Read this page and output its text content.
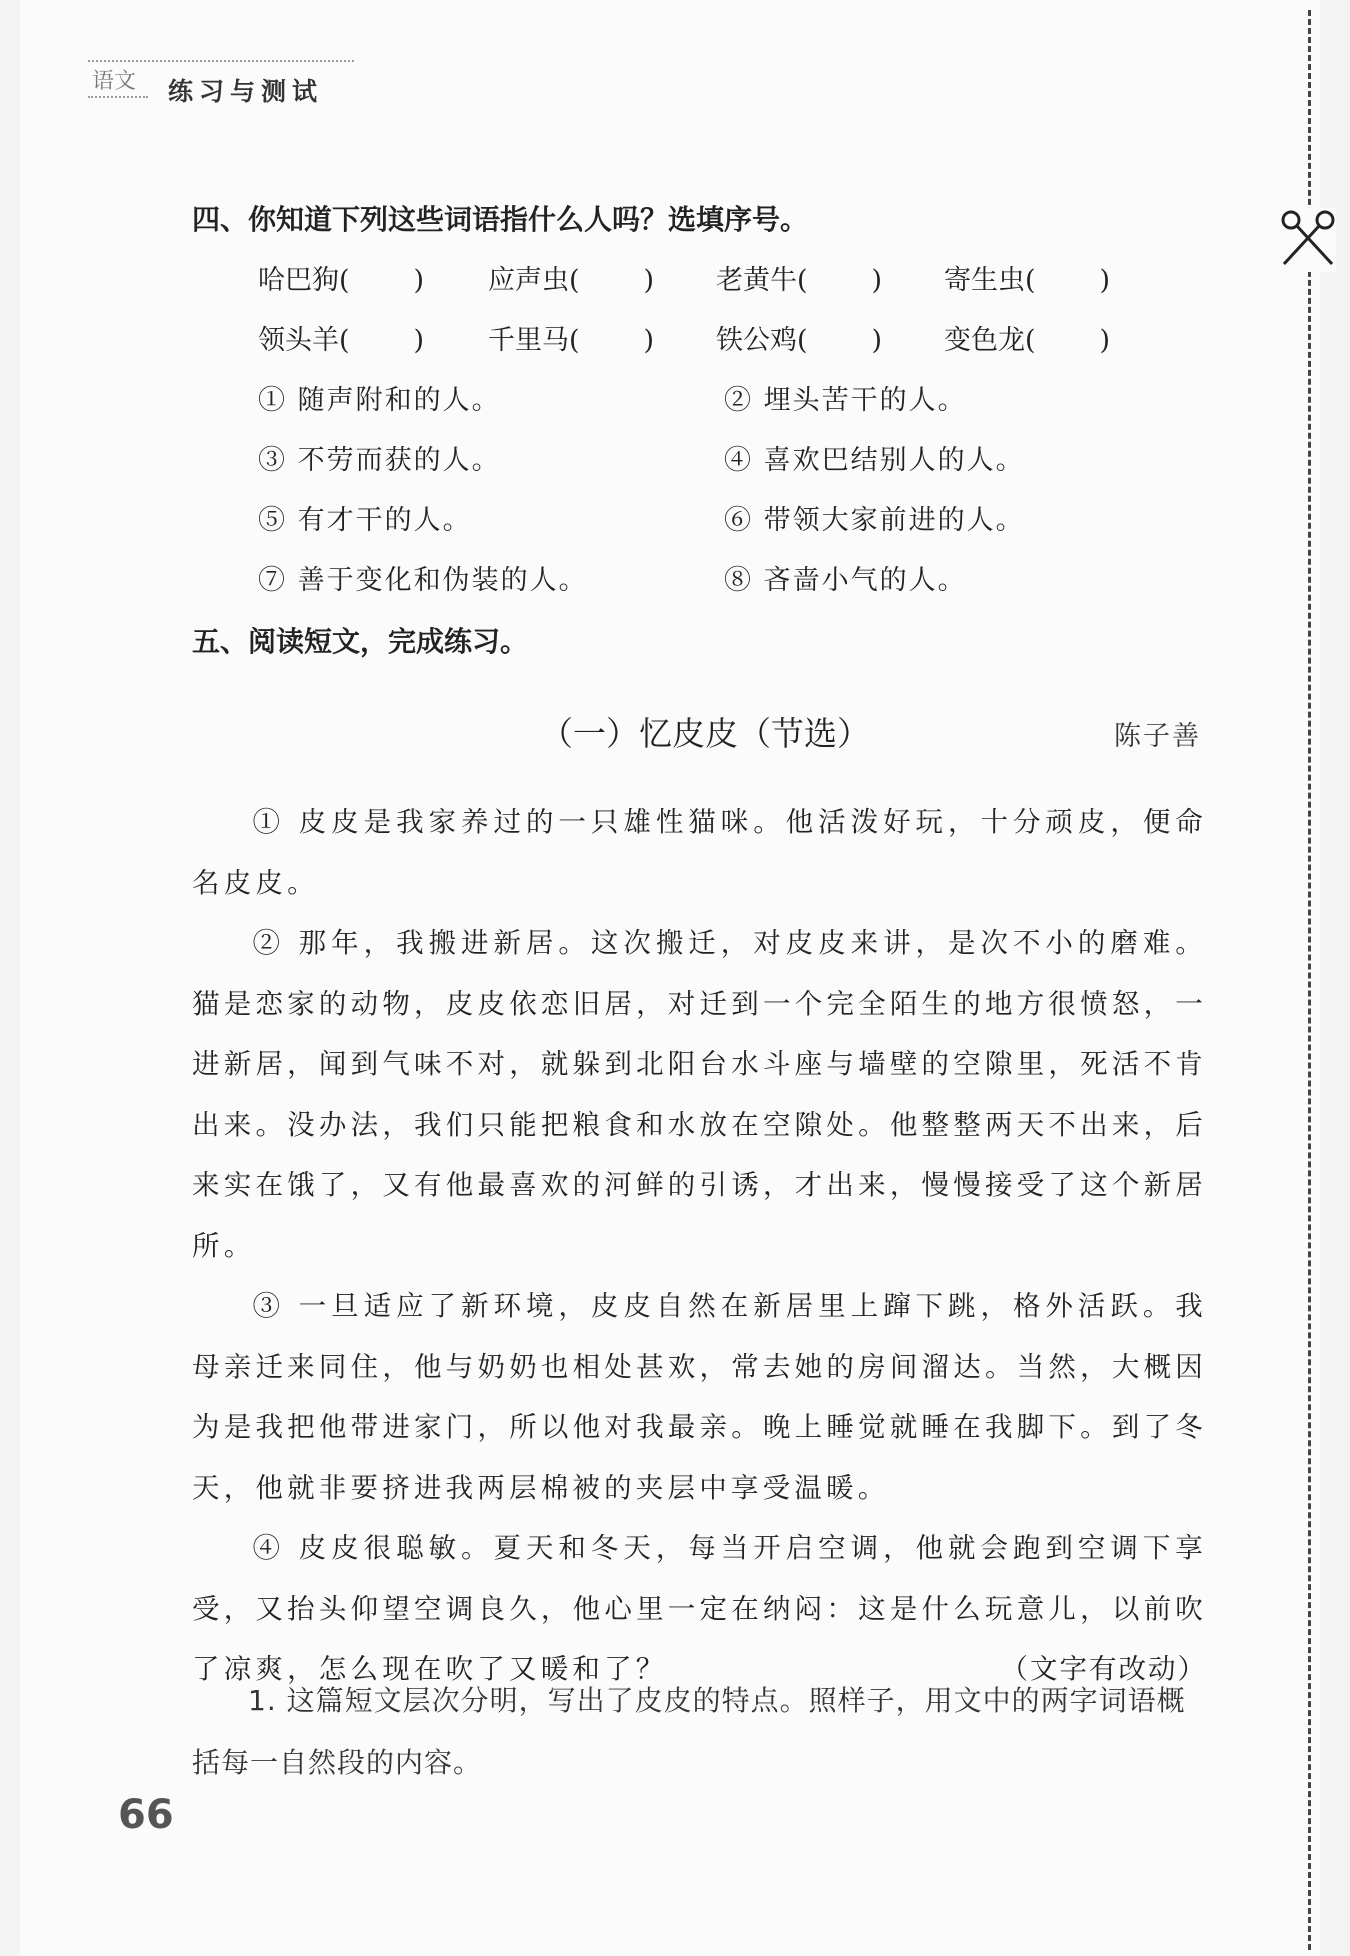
语文 练习与测试
四、你知道下列这些词语指什么人吗？选填序号。
哈巴狗( ) 应声虫( ) 老黄牛( ) 寄生虫( )
领头羊( ) 千里马( ) 铁公鸡( ) 变色龙( )
① 随声附和的人。	② 埋头苦干的人。
③ 不劳而获的人。	④ 喜欢巴结别人的人。
⑤ 有才干的人。	⑥ 带领大家前进的人。
⑦ 善于变化和伪装的人。	⑧ 吝啬小气的人。
五、阅读短文，完成练习。
（一）忆皮皮（节选）	陈子善

① 皮皮是我家养过的一只雄性猫咪。他活泼好玩，十分顽皮，便命名皮皮。

② 那年，我搬进新居。这次搬迁，对皮皮来讲，是次不小的磨难。猫是恋家的动物，皮皮依恋旧居，对迁到一个完全陌生的地方很愤怒，一进新居，闻到气味不对，就躲到北阳台水斗座与墙壁的空隙里，死活不肯出来。没办法，我们只能把粮食和水放在空隙处。他整整两天不出来，后来实在饿了，又有他最喜欢的河鲜的引诱，才出来，慢慢接受了这个新居所。

③ 一旦适应了新环境，皮皮自然在新居里上蹿下跳，格外活跃。我母亲迁来同住，他与奶奶也相处甚欢，常去她的房间溜达。当然，大概因为是我把他带进家门，所以他对我最亲。晚上睡觉就睡在我脚下。到了冬天，他就非要挤进我两层棉被的夹层中享受温暖。

④ 皮皮很聪敏。夏天和冬天，每当开启空调，他就会跑到空调下享受，又抬头仰望空调良久，他心里一定在纳闷：这是什么玩意儿，以前吹了凉爽，怎么现在吹了又暖和了？	（文字有改动）

1. 这篇短文层次分明，写出了皮皮的特点。照样子，用文中的两字词语概括每一自然段的内容。
66
